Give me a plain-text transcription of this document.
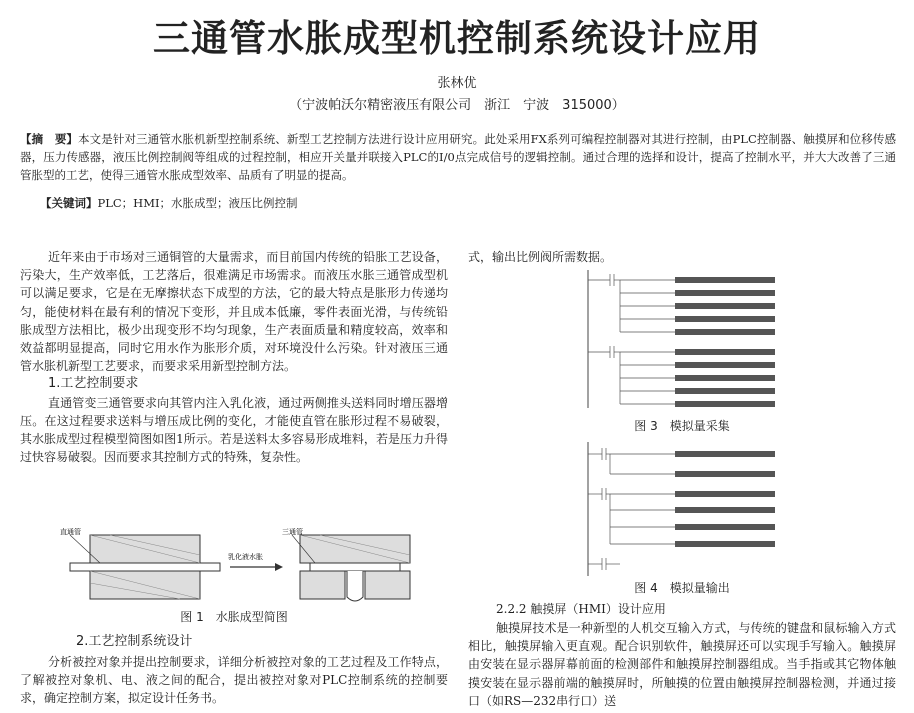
三通管水胀成型机控制系统设计应用
张林优
（宁波帕沃尔精密液压有限公司　浙江　宁波　315000）
【摘　要】本文是针对三通管水胀机新型控制系统、新型工艺控制方法进行设计应用研究。此处采用FX系列可编程控制器对其进行控制，由PLC控制器、触摸屏和位移传感器，压力传感器，液压比例控制阀等组成的过程控制，相应开关量并联接入PLC的I/0点完成信号的逻辑控制。通过合理的选择和设计，提高了控制水平，并大大改善了三通管胀型的工艺，使得三通管水胀成型效率、品质有了明显的提高。
【关键词】PLC；HMI；水胀成型；液压比例控制

近年来由于市场对三通铜管的大量需求，而目前国内传统的铅胀工艺设备，污染大，生产效率低，工艺落后，很难满足市场需求。而液压水胀三通管成型机可以满足要求，它是在无摩擦状态下成型的方法，它的最大特点是胀形力传递均匀，能使材料在最有利的情况下变形，并且成本低廉，零件表面光滑，与传统铅胀成型方法相比，极少出现变形不均匀现象，生产表面质量和精度较高，效率和效益都明显提高，同时它用水作为胀形介质，对环境没什么污染。针对液压三通管水胀机新型工艺要求，而要求采用新型控制方法。

1.工艺控制要求

直通管变三通管要求向其管内注入乳化液，通过两侧推头送料同时增压器增压。在这过程要求送料与增压成比例的变化，才能使直管在胀形过程不易破裂，其水胀成型过程模型简图如图1所示。若是送料太多容易形成堆料，若是压力升得过快容易破裂。因而要求其控制方式的特殊，复杂性。

直通管
乳化液水胀
三通管
图 1　水胀成型简图
2.工艺控制系统设计

分析被控对象并提出控制要求，详细分析被控对象的工艺过程及工作特点，了解被控对象机、电、液之间的配合，提出被控对象对PLC控制系统的控制要求，确定控制方案，拟定设计任务书。

式，输出比例阀所需数据。

图 3　模拟量采集
图 4　模拟量输出
2.2.2 触摸屏（HMI）设计应用

触摸屏技术是一种新型的人机交互输入方式，与传统的键盘和鼠标输入方式相比，触摸屏输入更直观。配合识别软件，触摸屏还可以实现手写输入。触摸屏由安装在显示器屏幕前面的检测部件和触摸屏控制器组成。当手指或其它物体触摸安装在显示器前端的触摸屏时，所触摸的位置由触摸屏控制器检测，并通过接口（如RS—232串行口）送
